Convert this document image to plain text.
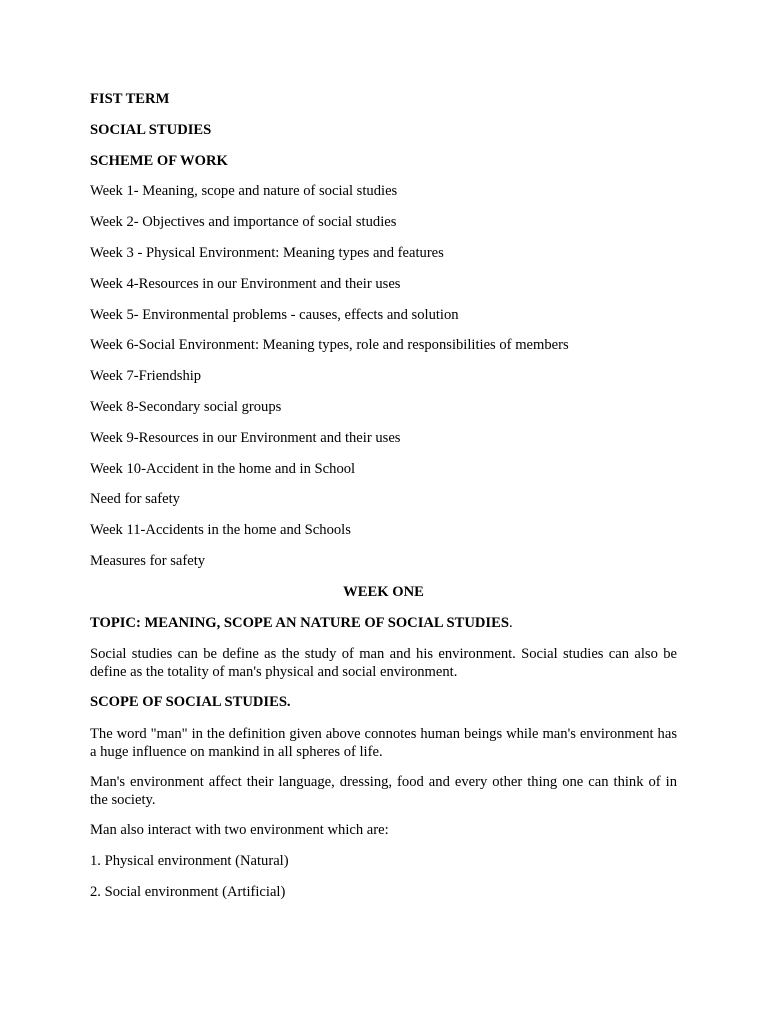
FIST TERM
SOCIAL STUDIES
SCHEME OF WORK
Week 1- Meaning, scope and nature of social studies
Week 2- Objectives and importance of social studies
Week 3 - Physical Environment: Meaning types and features
Week 4-Resources in our Environment and their uses
Week 5- Environmental problems - causes, effects and solution
Week 6-Social Environment: Meaning types, role and responsibilities of members
Week 7-Friendship
Week 8-Secondary social groups
Week 9-Resources in our Environment and their uses
Week 10-Accident in the home and in School
Need for safety
Week 11-Accidents in the home and Schools
Measures for safety
WEEK ONE
TOPIC: MEANING, SCOPE AN NATURE OF SOCIAL STUDIES.
Social studies can be define as the study of man and his environment. Social studies can also be define as the totality of man's physical and social environment.
SCOPE OF SOCIAL STUDIES.
The word "man" in the definition given above connotes human beings while man's environment has a huge influence on mankind in all spheres of life.
Man's environment affect their language, dressing, food and every other thing one can think of in the society.
Man also interact with two environment which are:
1. Physical environment (Natural)
2. Social environment (Artificial)
